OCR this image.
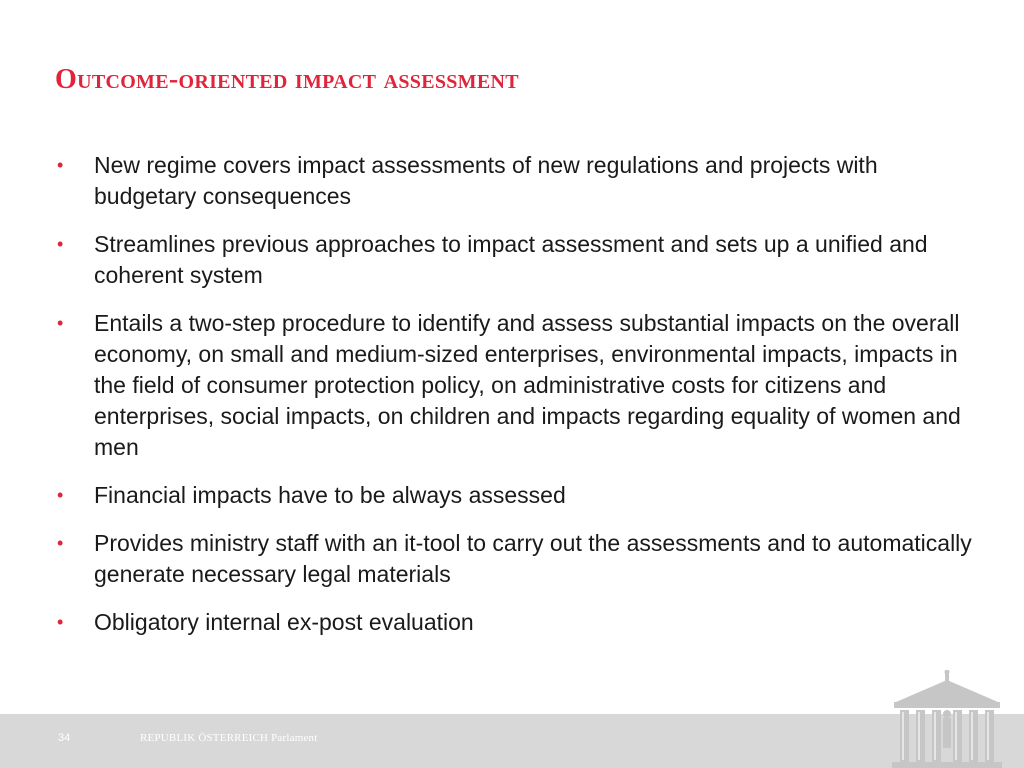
Outcome-oriented impact assessment
• New regime covers impact assessments of new regulations and projects with budgetary consequences
• Streamlines previous approaches to impact assessment and sets up a unified and coherent system
• Entails a two-step procedure to identify and assess substantial impacts on the overall economy, on small and medium-sized enterprises, environmental impacts, impacts in the field of consumer protection policy, on administrative costs for citizens and enterprises, social impacts, on children and impacts regarding equality of women and men
• Financial impacts have to be always assessed
• Provides ministry staff with an it-tool to carry out the assessments and to automatically generate necessary legal materials
• Obligatory internal ex-post evaluation
34	REPUBLIK ÖSTERREICH Parlament
